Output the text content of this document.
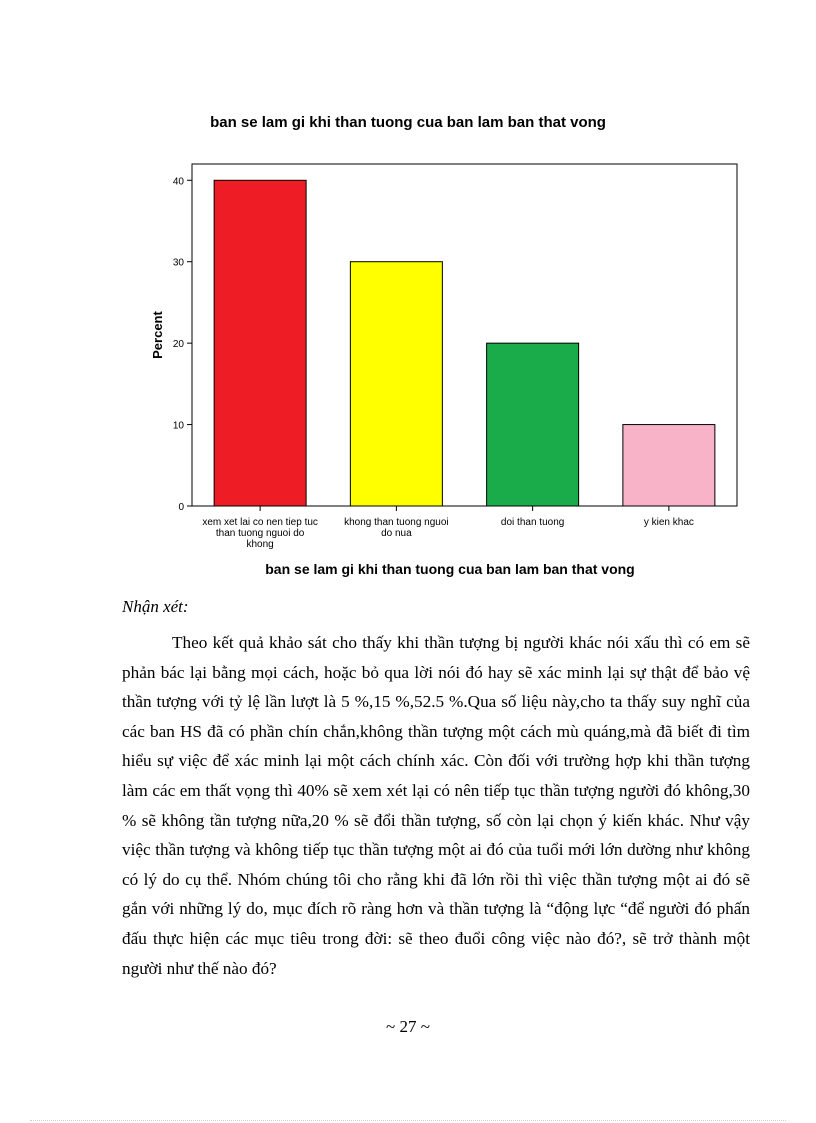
ban se lam gi khi than tuong cua ban lam ban that vong
Percent
0
10
20
30
40
xem xet lai co nen tiep tuc
than tuong nguoi do
khong
khong than tuong nguoi
do nua
doi than tuong	y kien khac
ban se lam gi khi than tuong cua ban lam ban that vong
Nhận xét:

Theo kết quả khảo sát cho thấy khi thần tượng bị người khác nói xấu thì có em sẽ phản bác lại bằng mọi cách, hoặc bỏ qua lời nói đó hay sẽ xác minh lại sự thật để bảo vệ thần tượng với tỷ lệ lần lượt là 5 %,15 %,52.5 %.Qua số liệu này,cho ta thấy suy nghĩ của các ban HS đã có phần chín chắn,không thần tượng một cách mù quáng,mà đã biết đi tìm hiểu sự việc để xác minh lại một cách chính xác. Còn đối với trường hợp khi thần tượng làm các em thất vọng thì 40% sẽ xem xét lại có nên tiếp tục thần tượng người đó không,30 % sẽ không tần tượng nữa,20 % sẽ đổi thần tượng, số còn lại chọn ý kiến khác. Như vậy việc thần tượng và không tiếp tục thần tượng một ai đó của tuổi mới lớn dường như không có lý do cụ thể. Nhóm chúng tôi cho rằng khi đã lớn rồi thì việc thần tượng một ai đó sẽ gắn với những lý do, mục đích rõ ràng hơn và thần tượng là “động lực “để người đó phấn đấu thực hiện các mục tiêu trong đời: sẽ theo đuổi công việc nào đó?, sẽ trở thành một người như thế nào đó?

~ 27 ~
